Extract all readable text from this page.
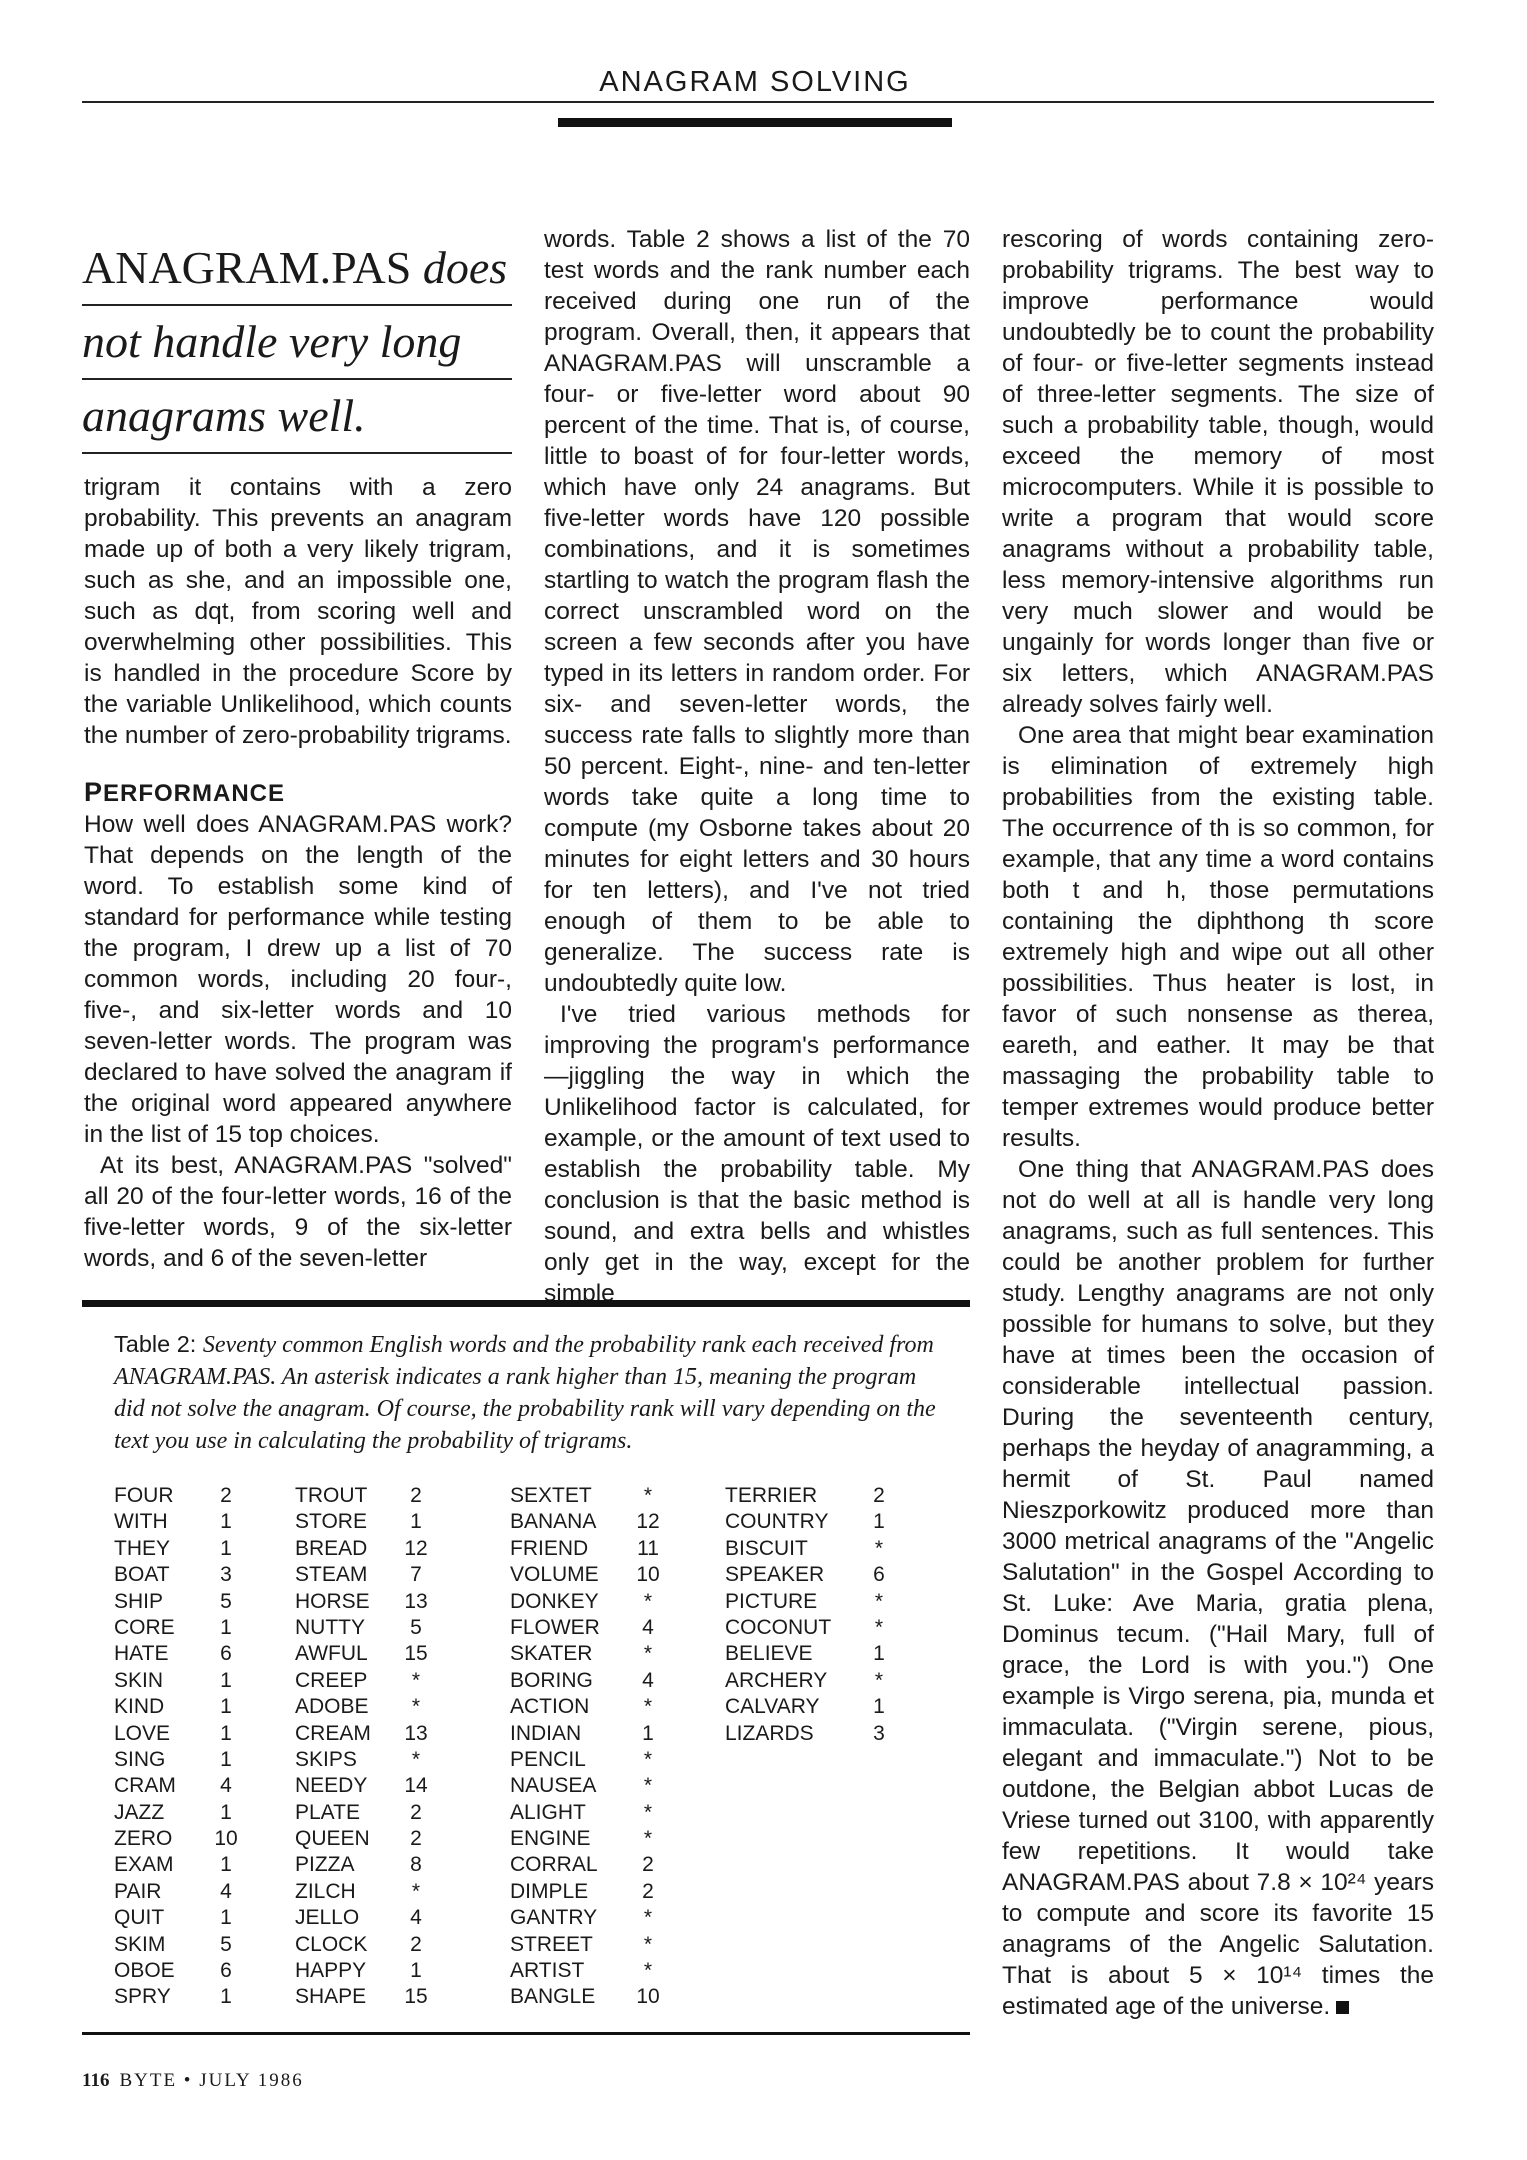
ANAGRAM SOLVING
ANAGRAM.PAS does
not handle very long
anagrams well.

trigram it contains with a zero probability. This prevents an anagram made up of both a very likely trigram, such as she, and an impossible one, such as dqt, from scoring well and overwhelming other possibilities. This is handled in the procedure Score by the variable Unlikelihood, which counts the number of zero-probability trigrams.

PERFORMANCE

How well does ANAGRAM.PAS work? That depends on the length of the word. To establish some kind of standard for performance while testing the program, I drew up a list of 70 common words, including 20 four-, five-, and six-letter words and 10 seven-letter words. The program was declared to have solved the anagram if the original word appeared anywhere in the list of 15 top choices.

At its best, ANAGRAM.PAS "solved" all 20 of the four-letter words, 16 of the five-letter words, 9 of the six-letter words, and 6 of the seven-letter

words. Table 2 shows a list of the 70 test words and the rank number each received during one run of the program. Overall, then, it appears that ANAGRAM.PAS will unscramble a four- or five-letter word about 90 percent of the time. That is, of course, little to boast of for four-letter words, which have only 24 anagrams. But five-letter words have 120 possible combinations, and it is sometimes startling to watch the program flash the correct unscrambled word on the screen a few seconds after you have typed in its letters in random order. For six- and seven-letter words, the success rate falls to slightly more than 50 percent. Eight-, nine- and ten-letter words take quite a long time to compute (my Osborne takes about 20 minutes for eight letters and 30 hours for ten letters), and I've not tried enough of them to be able to generalize. The success rate is undoubtedly quite low.

I've tried various methods for improving the program's performance—jiggling the way in which the Unlikelihood factor is calculated, for example, or the amount of text used to establish the probability table. My conclusion is that the basic method is sound, and extra bells and whistles only get in the way, except for the simple

rescoring of words containing zero-probability trigrams. The best way to improve performance would undoubtedly be to count the probability of four- or five-letter segments instead of three-letter segments. The size of such a probability table, though, would exceed the memory of most microcomputers. While it is possible to write a program that would score anagrams without a probability table, less memory-intensive algorithms run very much slower and would be ungainly for words longer than five or six letters, which ANAGRAM.PAS already solves fairly well.

One area that might bear examination is elimination of extremely high probabilities from the existing table. The occurrence of th is so common, for example, that any time a word contains both t and h, those permutations containing the diphthong th score extremely high and wipe out all other possibilities. Thus heater is lost, in favor of such nonsense as therea, eareth, and eather. It may be that massaging the probability table to temper extremes would produce better results.

One thing that ANAGRAM.PAS does not do well at all is handle very long anagrams, such as full sentences. This could be another problem for further study. Lengthy anagrams are not only possible for humans to solve, but they have at times been the occasion of considerable intellectual passion. During the seventeenth century, perhaps the heyday of anagramming, a hermit of St. Paul named Nieszporkowitz produced more than 3000 metrical anagrams of the "Angelic Salutation" in the Gospel According to St. Luke: Ave Maria, gratia plena, Dominus tecum. ("Hail Mary, full of grace, the Lord is with you.") One example is Virgo serena, pia, munda et immaculata. ("Virgin serene, pious, elegant and immaculate.") Not to be outdone, the Belgian abbot Lucas de Vriese turned out 3100, with apparently few repetitions. It would take ANAGRAM.PAS about 7.8 × 10²⁴ years to compute and score its favorite 15 anagrams of the Angelic Salutation. That is about 5 × 10¹⁴ times the estimated age of the universe.

Table 2: Seventy common English words and the probability rank each received from ANAGRAM.PAS. An asterisk indicates a rank higher than 15, meaning the program did not solve the anagram. Of course, the probability rank will vary depending on the text you use in calculating the probability of trigrams.
FOUR	2
WITH	1
THEY	1
BOAT	3
SHIP	5
CORE	1
HATE	6
SKIN	1
KIND	1
LOVE	1
SING	1
CRAM	4
JAZZ	1
ZERO	10
EXAM	1
PAIR	4
QUIT	1
SKIM	5
OBOE	6
SPRY	1
TROUT	2
STORE	1
BREAD	12
STEAM	7
HORSE	13
NUTTY	5
AWFUL	15
CREEP	*
ADOBE	*
CREAM	13
SKIPS	*
NEEDY	14
PLATE	2
QUEEN	2
PIZZA	8
ZILCH	*
JELLO	4
CLOCK	2
HAPPY	1
SHAPE	15
SEXTET	*
BANANA	12
FRIEND	11
VOLUME	10
DONKEY	*
FLOWER	4
SKATER	*
BORING	4
ACTION	*
INDIAN	1
PENCIL	*
NAUSEA	*
ALIGHT	*
ENGINE	*
CORRAL	2
DIMPLE	2
GANTRY	*
STREET	*
ARTIST	*
BANGLE	10
TERRIER	2
COUNTRY	1
BISCUIT	*
SPEAKER	6
PICTURE	*
COCONUT	*
BELIEVE	1
ARCHERY	*
CALVARY	1
LIZARDS	3
116 BYTE • JULY 1986
